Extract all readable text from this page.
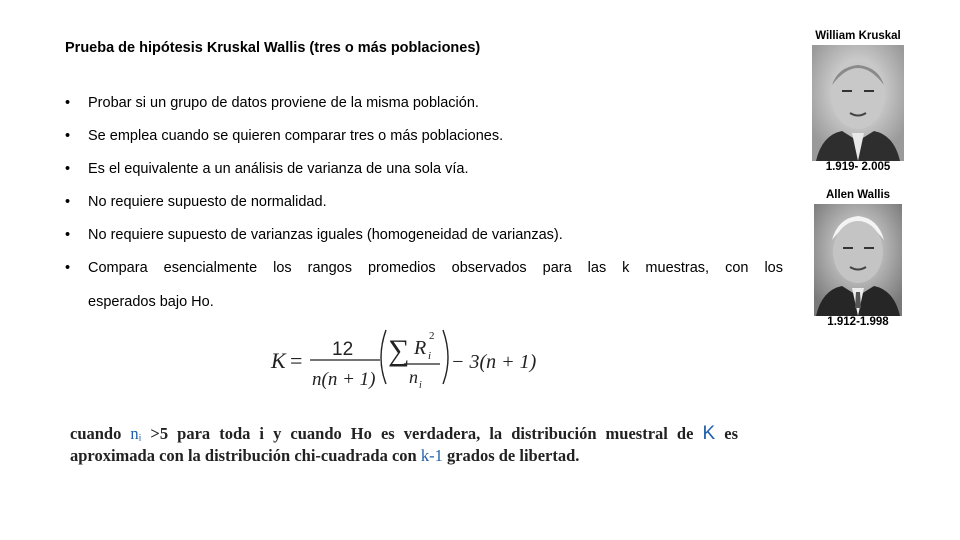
Prueba de hipótesis Kruskal Wallis (tres o más poblaciones)
• Probar si un grupo de datos proviene de la misma población.
• Se emplea cuando se quieren comparar tres o más poblaciones.
• Es el equivalente a un análisis de varianza de una sola vía.
• No requiere supuesto de normalidad.
• No requiere supuesto de varianzas iguales (homogeneidad de varianzas).
• Compara esencialmente los rangos promedios observados para las k muestras, con los
esperados bajo Ho.
K = 12
n(n + 1)
∑ R i
2
n i
− 3(n + 1)
cuando nᵢ >5 para toda i y cuando Ho es verdadera, la distribución muestral de K es
aproximada con la distribución chi-cuadrada con k-1 grados de libertad.
William Kruskal
1.919- 2.005
Allen Wallis
1.912-1.998
